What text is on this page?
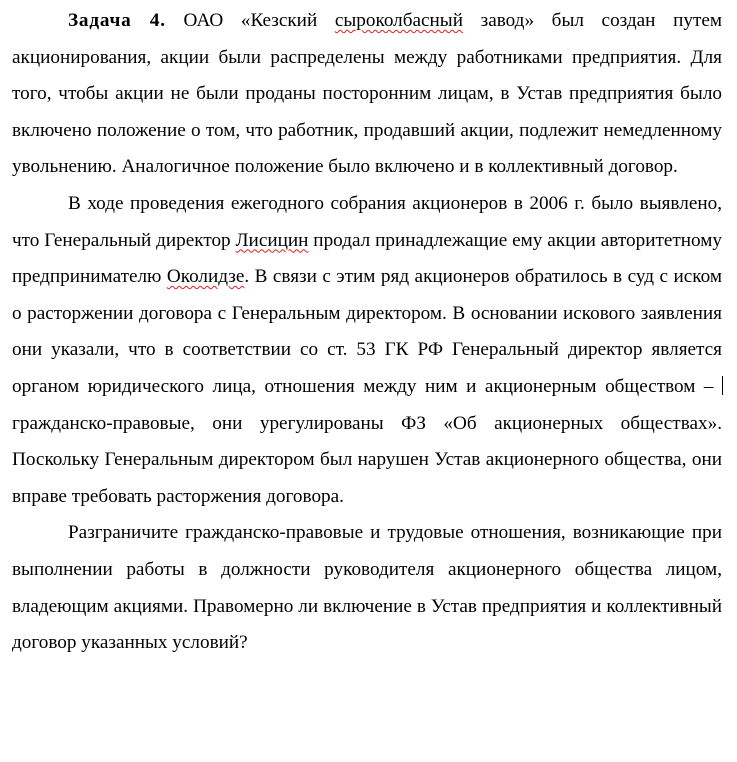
Задача 4. ОАО «Кезский сыроколбасный завод» был создан путем акционирования, акции были распределены между работниками предприятия. Для того, чтобы акции не были проданы посторонним лицам, в Устав предприятия было включено положение о том, что работник, продавший акции, подлежит немедленному увольнению. Аналогичное положение было включено и в коллективный договор.

В ходе проведения ежегодного собрания акционеров в 2006 г. было выявлено, что Генеральный директор Лисицин продал принадлежащие ему акции авторитетному предпринимателю Околидзе. В связи с этим ряд акционеров обратилось в суд с иском о расторжении договора с Генеральным директором. В основании искового заявления они указали, что в соответствии со ст. 53 ГК РФ Генеральный директор является органом юридического лица, отношения между ним и акционерным обществом – гражданско-правовые, они урегулированы ФЗ «Об акционерных обществах». Поскольку Генеральным директором был нарушен Устав акционерного общества, они вправе требовать расторжения договора.

Разграничите гражданско-правовые и трудовые отношения, возникающие при выполнении работы в должности руководителя акционерного общества лицом, владеющим акциями. Правомерно ли включение в Устав предприятия и коллективный договор указанных условий?
